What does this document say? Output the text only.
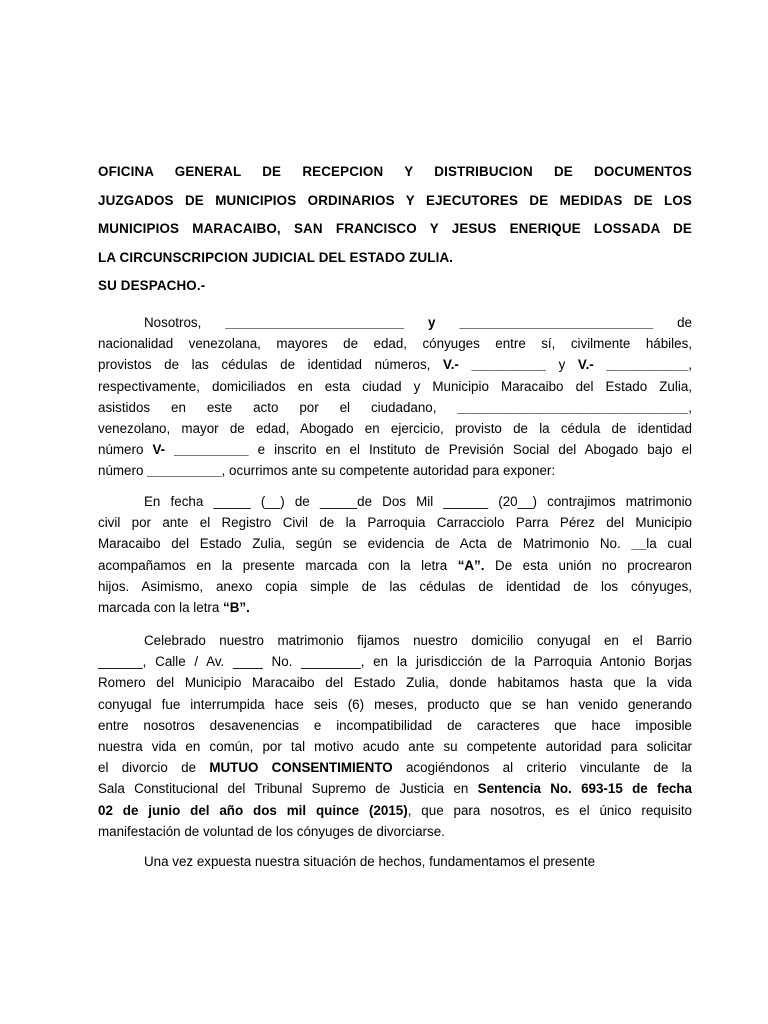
OFICINA GENERAL DE RECEPCION Y DISTRIBUCION DE DOCUMENTOS
JUZGADOS DE MUNICIPIOS ORDINARIOS Y EJECUTORES DE MEDIDAS DE LOS
MUNICIPIOS MARACAIBO, SAN FRANCISCO Y JESUS ENERIQUE LOSSADA DE
LA CIRCUNSCRIPCION JUDICIAL DEL ESTADO ZULIA.
SU DESPACHO.-
Nosotros, ________________________ y __________________________ de
nacionalidad venezolana, mayores de edad, cónyuges entre sí, civilmente hábiles,
provistos de las cédulas de identidad números, V.- __________ y V.- ___________,
respectivamente, domiciliados en esta ciudad y Municipio Maracaibo del Estado Zulia,
asistidos en este acto por el ciudadano, _______________________________,
venezolano, mayor de edad, Abogado en ejercicio, provisto de la cédula de identidad
número V- __________ e inscrito en el Instituto de Previsión Social del Abogado bajo el
número __________, ocurrimos ante su competente autoridad para exponer:
En fecha _____ (__) de _____de Dos Mil ______ (20__) contrajimos matrimonio
civil por ante el Registro Civil de la Parroquia Carracciolo Parra Pérez del Municipio
Maracaibo del Estado Zulia, según se evidencia de Acta de Matrimonio No. __la cual
acompañamos en la presente marcada con la letra “A”. De esta unión no procrearon
hijos. Asimismo, anexo copia simple de las cédulas de identidad de los cónyuges,
marcada con la letra “B”.
Celebrado nuestro matrimonio fijamos nuestro domicilio conyugal en el Barrio
______, Calle / Av. ____ No. ________, en la jurisdicción de la Parroquia Antonio Borjas
Romero del Municipio Maracaibo del Estado Zulia, donde habitamos hasta que la vida
conyugal fue interrumpida hace seis (6) meses, producto que se han venido generando
entre nosotros desavenencias e incompatibilidad de caracteres que hace imposible
nuestra vida en común, por tal motivo acudo ante su competente autoridad para solicitar
el divorcio de MUTUO CONSENTIMIENTO acogiéndonos al criterio vinculante de la
Sala Constitucional del Tribunal Supremo de Justicia en Sentencia No. 693-15 de fecha
02 de junio del año dos mil quince (2015), que para nosotros, es el único requisito
manifestación de voluntad de los cónyuges de divorciarse.
Una vez expuesta nuestra situación de hechos, fundamentamos el presente
